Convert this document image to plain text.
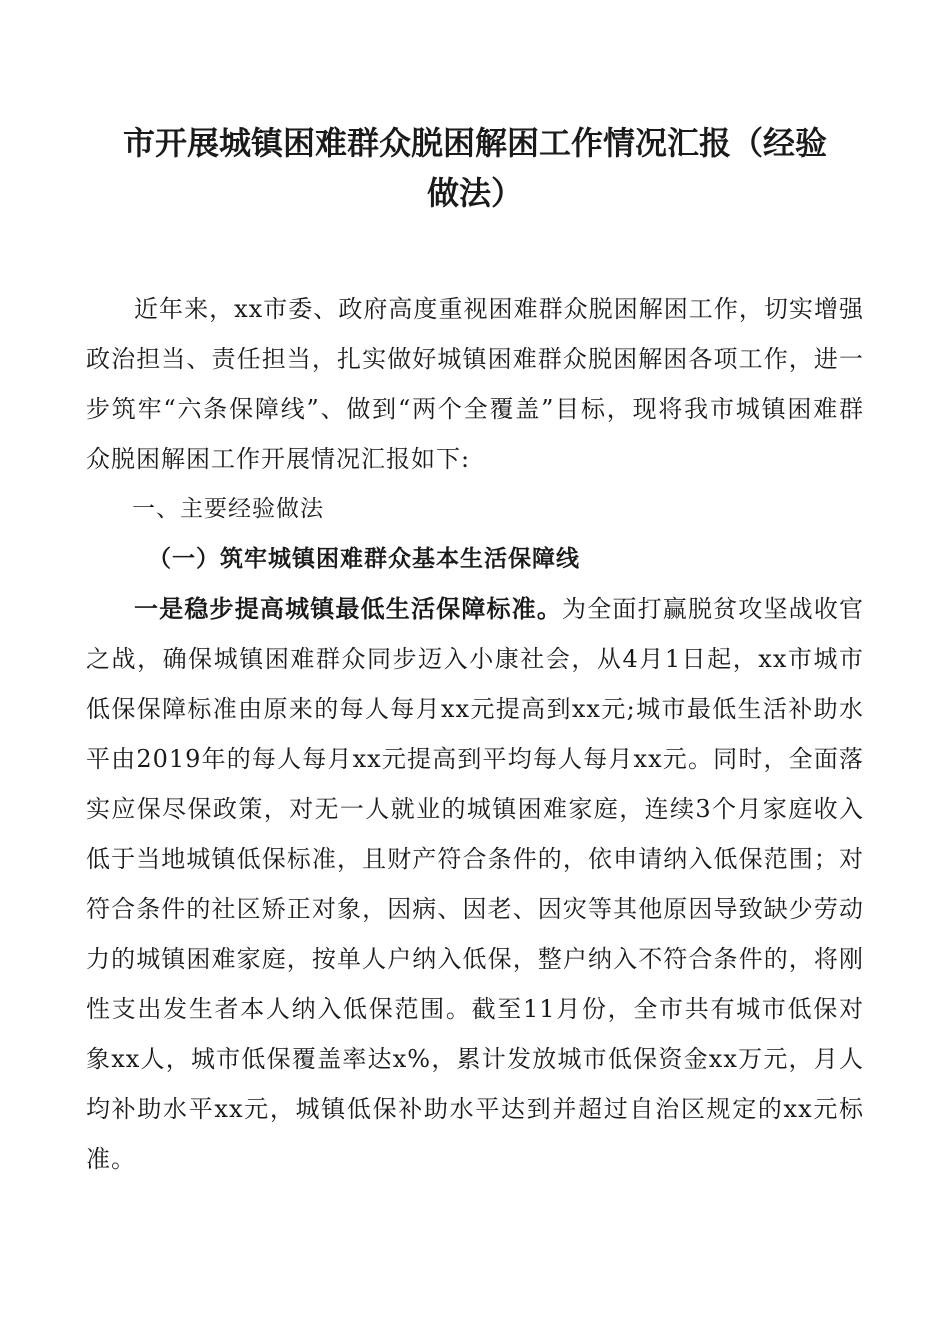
市开展城镇困难群众脱困解困工作情况汇报（经验
做法）

近年来，xx市委、政府高度重视困难群众脱困解困工作，切实增强政治担当、责任担当，扎实做好城镇困难群众脱困解困各项工作，进一步筑牢“六条保障线”、做到“两个全覆盖”目标，现将我市城镇困难群众脱困解困工作开展情况汇报如下:

一、主要经验做法

（一）筑牢城镇困难群众基本生活保障线

一是稳步提高城镇最低生活保障标准。为全面打赢脱贫攻坚战收官之战，确保城镇困难群众同步迈入小康社会，从4月1日起，xx市城市低保保障标准由原来的每人每月xx元提高到xx元;城市最低生活补助水平由2019年的每人每月xx元提高到平均每人每月xx元。同时，全面落实应保尽保政策，对无一人就业的城镇困难家庭，连续3个月家庭收入低于当地城镇低保标准，且财产符合条件的，依申请纳入低保范围；对符合条件的社区矫正对象，因病、因老、因灾等其他原因导致缺少劳动力的城镇困难家庭，按单人户纳入低保，整户纳入不符合条件的，将刚性支出发生者本人纳入低保范围。截至11月份，全市共有城市低保对象xx人，城市低保覆盖率达x%，累计发放城市低保资金xx万元，月人均补助水平xx元，城镇低保补助水平达到并超过自治区规定的xx元标准。
